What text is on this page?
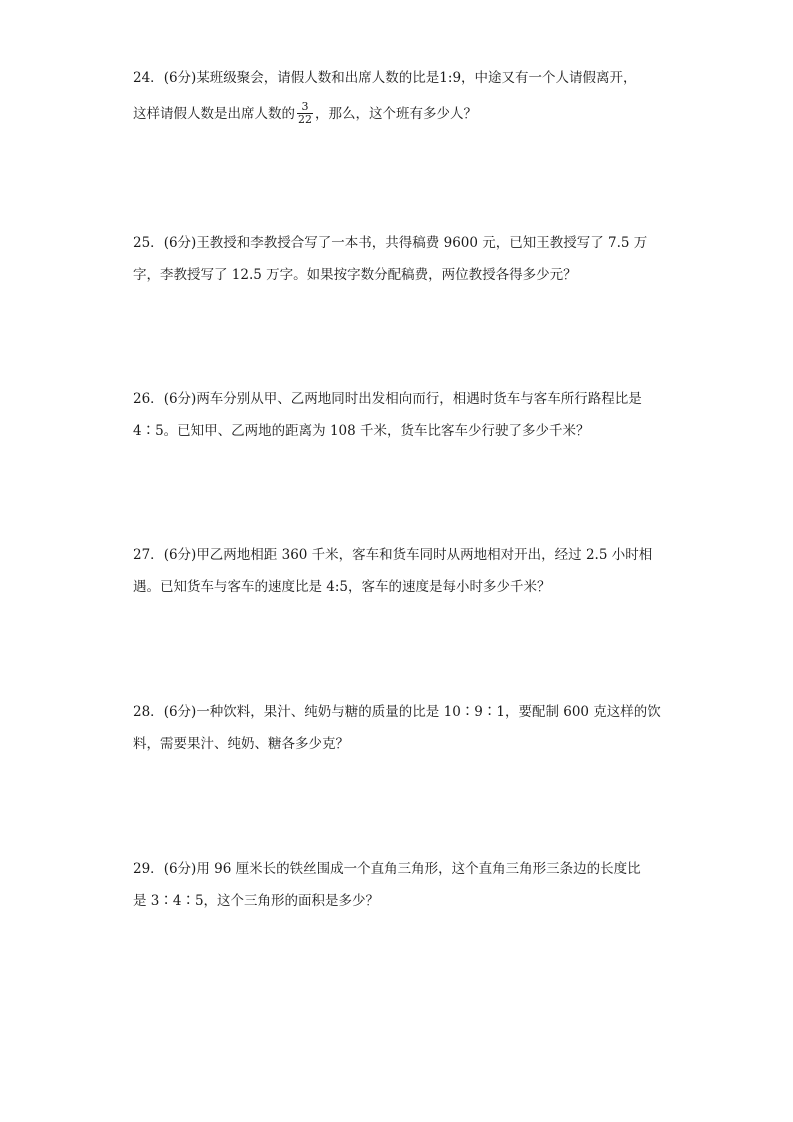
24．(6分)某班级聚会，请假人数和出席人数的比是1:9，中途又有一个人请假离开，
这样请假人数是出席人数的 $\frac{3}{22}$ ，那么，这个班有多少人？
25．(6分)王教授和李教授合写了一本书，共得稿费 9600 元，已知王教授写了 7.5 万
字，李教授写了 12.5 万字。如果按字数分配稿费，两位教授各得多少元？
26．(6分)两车分别从甲、乙两地同时出发相向而行，相遇时货车与客车所行路程比是
4∶5。已知甲、乙两地的距离为 108 千米，货车比客车少行驶了多少千米？
27．(6分)甲乙两地相距 360 千米，客车和货车同时从两地相对开出，经过 2.5 小时相
遇。已知货车与客车的速度比是 4:5，客车的速度是每小时多少千米？
28．(6分)一种饮料，果汁、纯奶与糖的质量的比是 10∶9∶1，要配制 600 克这样的饮
料，需要果汁、纯奶、糖各多少克？
29．(6分)用 96 厘米长的铁丝围成一个直角三角形，这个直角三角形三条边的长度比
是 3∶4∶5，这个三角形的面积是多少？
